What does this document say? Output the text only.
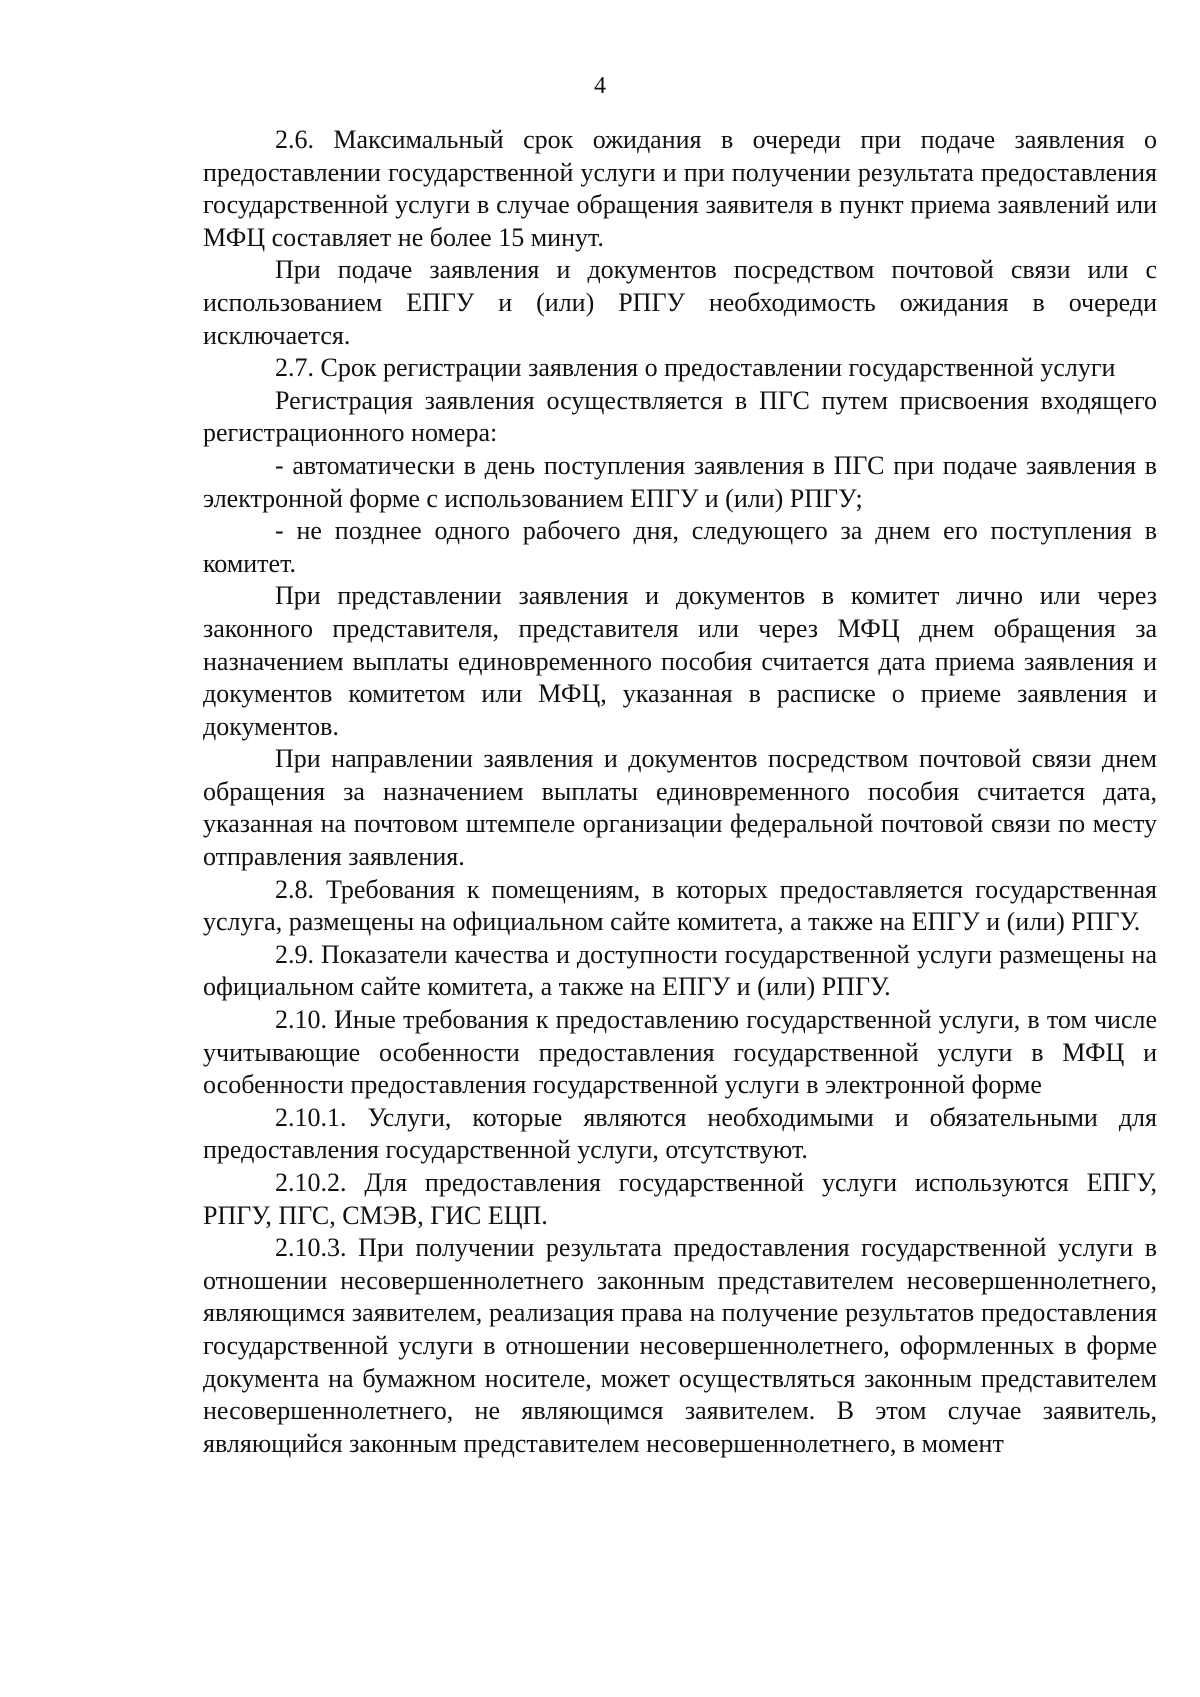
4

2.6. Максимальный срок ожидания в очереди при подаче заявления о предоставлении государственной услуги и при получении результата предоставления государственной услуги в случае обращения заявителя в пункт приема заявлений или МФЦ составляет не более 15 минут.

При подаче заявления и документов посредством почтовой связи или с использованием ЕПГУ и (или) РПГУ необходимость ожидания в очереди исключается.

2.7. Срок регистрации заявления о предоставлении государственной услуги

Регистрация заявления осуществляется в ПГС путем присвоения входящего регистрационного номера:

- автоматически в день поступления заявления в ПГС при подаче заявления в электронной форме с использованием ЕПГУ и (или) РПГУ;

- не позднее одного рабочего дня, следующего за днем его поступления в комитет.

При представлении заявления и документов в комитет лично или через законного представителя, представителя или через МФЦ днем обращения за назначением выплаты единовременного пособия считается дата приема заявления и документов комитетом или МФЦ, указанная в расписке о приеме заявления и документов.

При направлении заявления и документов посредством почтовой связи днем обращения за назначением выплаты единовременного пособия считается дата, указанная на почтовом штемпеле организации федеральной почтовой связи по месту отправления заявления.

2.8. Требования к помещениям, в которых предоставляется государственная услуга, размещены на официальном сайте комитета, а также на ЕПГУ и (или) РПГУ.

2.9. Показатели качества и доступности государственной услуги размещены на официальном сайте комитета, а также на ЕПГУ и (или) РПГУ.

2.10. Иные требования к предоставлению государственной услуги, в том числе учитывающие особенности предоставления государственной услуги в МФЦ и особенности предоставления государственной услуги в электронной форме

2.10.1. Услуги, которые являются необходимыми и обязательными для предоставления государственной услуги, отсутствуют.

2.10.2. Для предоставления государственной услуги используются ЕПГУ, РПГУ, ПГС, СМЭВ, ГИС ЕЦП.

2.10.3. При получении результата предоставления государственной услуги в отношении несовершеннолетнего законным представителем несовершеннолетнего, являющимся заявителем, реализация права на получение результатов предоставления государственной услуги в отношении несовершеннолетнего, оформленных в форме документа на бумажном носителе, может осуществляться законным представителем несовершеннолетнего, не являющимся заявителем. В этом случае заявитель, являющийся законным представителем несовершеннолетнего, в момент
